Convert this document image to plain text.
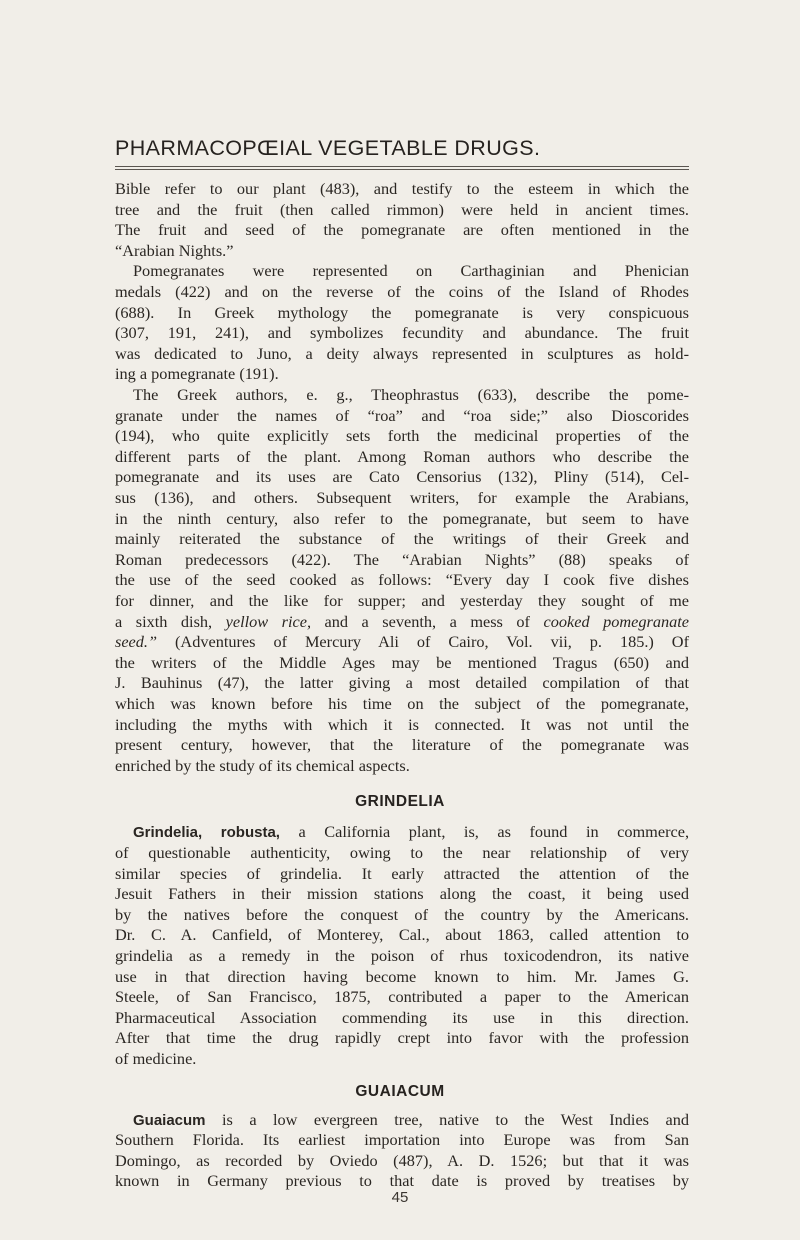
PHARMACOPŒIAL VEGETABLE DRUGS.
Bible refer to our plant (483), and testify to the esteem in which the
tree and the fruit (then called rimmon) were held in ancient times.
The fruit and seed of the pomegranate are often mentioned in the
“Arabian Nights.”
Pomegranates were represented on Carthaginian and Phenician
medals (422) and on the reverse of the coins of the Island of Rhodes
(688). In Greek mythology the pomegranate is very conspicuous
(307, 191, 241), and symbolizes fecundity and abundance. The fruit
was dedicated to Juno, a deity always represented in sculptures as hold-
ing a pomegranate (191).
The Greek authors, e. g., Theophrastus (633), describe the pome-
granate under the names of “roa” and “roa side;” also Dioscorides
(194), who quite explicitly sets forth the medicinal properties of the
different parts of the plant. Among Roman authors who describe the
pomegranate and its uses are Cato Censorius (132), Pliny (514), Cel-
sus (136), and others. Subsequent writers, for example the Arabians,
in the ninth century, also refer to the pomegranate, but seem to have
mainly reiterated the substance of the writings of their Greek and
Roman predecessors (422). The “Arabian Nights” (88) speaks of
the use of the seed cooked as follows: “Every day I cook five dishes
for dinner, and the like for supper; and yesterday they sought of me
a sixth dish, yellow rice, and a seventh, a mess of cooked pomegranate
seed.” (Adventures of Mercury Ali of Cairo, Vol. vii, p. 185.) Of
the writers of the Middle Ages may be mentioned Tragus (650) and
J. Bauhinus (47), the latter giving a most detailed compilation of that
which was known before his time on the subject of the pomegranate,
including the myths with which it is connected. It was not until the
present century, however, that the literature of the pomegranate was
enriched by the study of its chemical aspects.
GRINDELIA
Grindelia, robusta, a California plant, is, as found in commerce,
of questionable authenticity, owing to the near relationship of very
similar species of grindelia. It early attracted the attention of the
Jesuit Fathers in their mission stations along the coast, it being used
by the natives before the conquest of the country by the Americans.
Dr. C. A. Canfield, of Monterey, Cal., about 1863, called attention to
grindelia as a remedy in the poison of rhus toxicodendron, its native
use in that direction having become known to him. Mr. James G.
Steele, of San Francisco, 1875, contributed a paper to the American
Pharmaceutical Association commending its use in this direction.
After that time the drug rapidly crept into favor with the profession
of medicine.
45
GUAIACUM
Guaiacum is a low evergreen tree, native to the West Indies and
Southern Florida. Its earliest importation into Europe was from San
Domingo, as recorded by Oviedo (487), A. D. 1526; but that it was
known in Germany previous to that date is proved by treatises by
